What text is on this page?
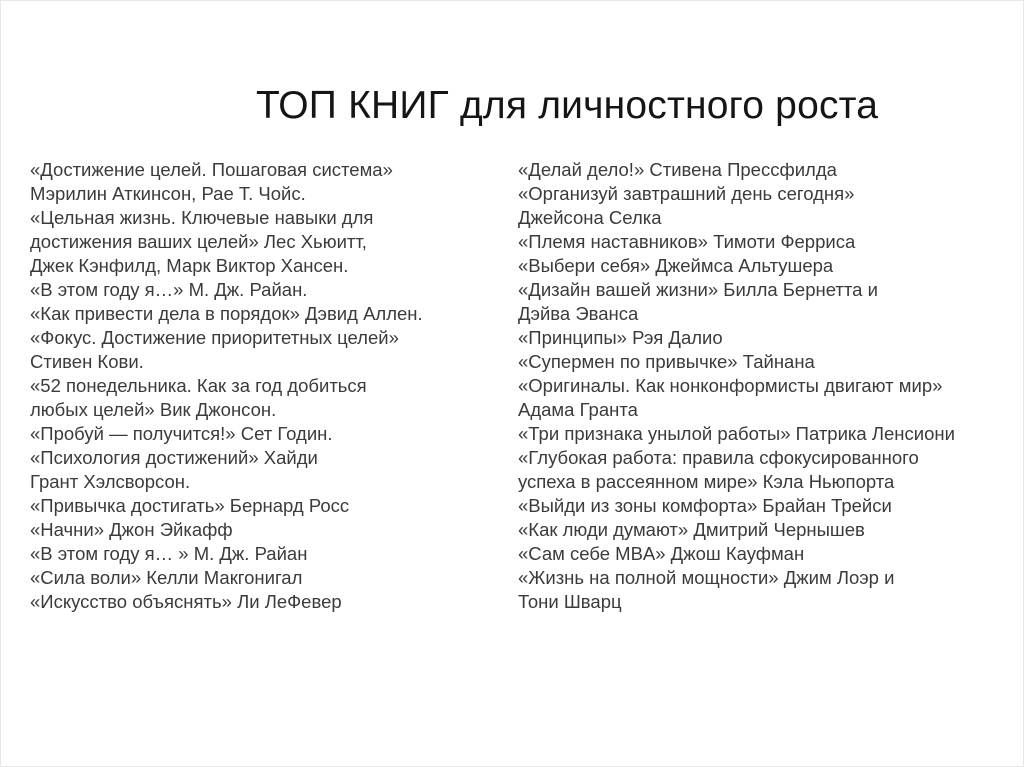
ТОП КНИГ для личностного роста
«Достижение целей. Пошаговая система»
Мэрилин Аткинсон, Рае Т. Чойс.
«Цельная жизнь. Ключевые навыки для
достижения ваших целей» Лес Хьюитт,
Джек Кэнфилд, Марк Виктор Хансен.
«В этом году я…» М. Дж. Райан.
«Как привести дела в порядок» Дэвид Аллен.
«Фокус. Достижение приоритетных целей»
Стивен Кови.
«52 понедельника. Как за год добиться
любых целей» Вик Джонсон.
«Пробуй — получится!» Сет Годин.
«Психология достижений» Хайди
Грант Хэлсворсон.
«Привычка достигать» Бернард Росс
«Начни» Джон Эйкафф
«В этом году я… » М. Дж. Райан
«Сила воли» Келли Макгонигал
«Искусство объяснять» Ли ЛеФевер
«Делай дело!» Стивена Прессфилда
«Организуй завтрашний день сегодня»
Джейсона Селка
«Племя наставников» Тимоти Ферриса
«Выбери себя» Джеймса Альтушера
«Дизайн вашей жизни» Билла Бернетта и
Дэйва Эванса
«Принципы» Рэя Далио
«Супермен по привычке» Тайнана
«Оригиналы. Как нонконформисты двигают мир»
Адама Гранта
«Три признака унылой работы» Патрика Ленсиони
«Глубокая работа: правила сфокусированного
успеха в рассеянном мире» Кэла Ньюпорта
«Выйди из зоны комфорта» Брайан Трейси
«Как люди думают» Дмитрий Чернышев
«Сам себе MBA» Джош Кауфман
«Жизнь на полной мощности» Джим Лоэр и
Тони Шварц
